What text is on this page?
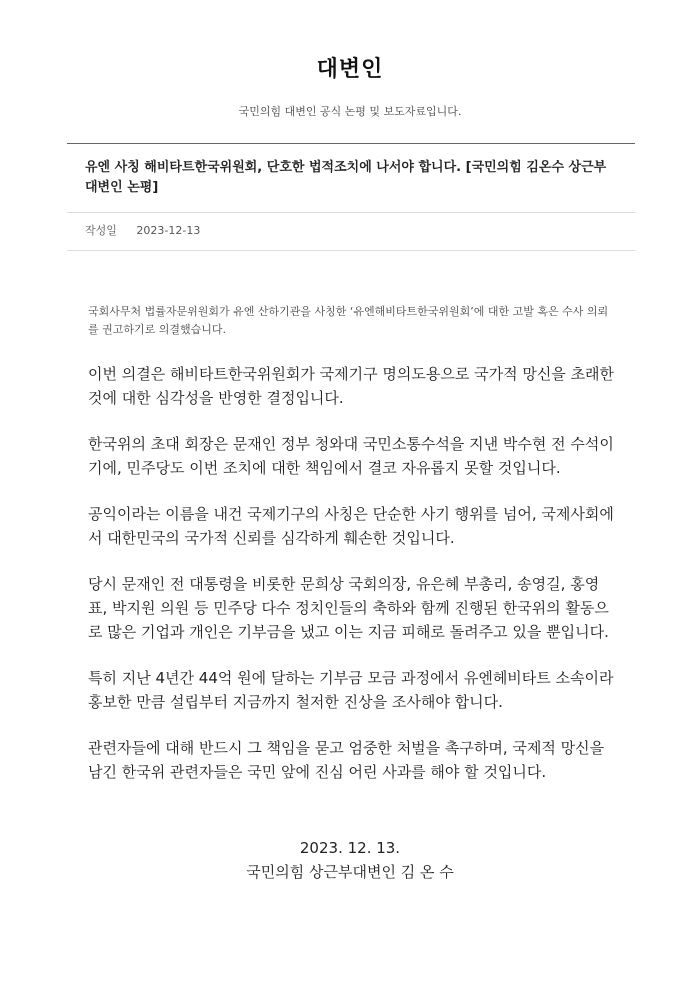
대변인
국민의힘 대변인 공식 논평 및 보도자료입니다.
유엔 사칭 해비타트한국위원회, 단호한 법적조치에 나서야 합니다. [국민의힘 김온수 상근부대변인 논평]
작성일 2023-12-13

국회사무처 법률자문위원회가 유엔 산하기관을 사칭한 ‘유엔해비타트한국위원회’에 대한 고발 혹은 수사 의뢰를 권고하기로 의결했습니다.

이번 의결은 해비타트한국위원회가 국제기구 명의도용으로 국가적 망신을 초래한 것에 대한 심각성을 반영한 결정입니다.

한국위의 초대 회장은 문재인 정부 청와대 국민소통수석을 지낸 박수현 전 수석이기에, 민주당도 이번 조치에 대한 책임에서 결코 자유롭지 못할 것입니다.

공익이라는 이름을 내건 국제기구의 사칭은 단순한 사기 행위를 넘어, 국제사회에서 대한민국의 국가적 신뢰를 심각하게 훼손한 것입니다.

당시 문재인 전 대통령을 비롯한 문희상 국회의장, 유은혜 부총리, 송영길, 홍영표, 박지원 의원 등 민주당 다수 정치인들의 축하와 함께 진행된 한국위의 활동으로 많은 기업과 개인은 기부금을 냈고 이는 지금 피해로 돌려주고 있을 뿐입니다.

특히 지난 4년간 44억 원에 달하는 기부금 모금 과정에서 유엔헤비타트 소속이라 홍보한 만큼 설립부터 지금까지 철저한 진상을 조사해야 합니다.

관련자들에 대해 반드시 그 책임을 묻고 엄중한 처벌을 촉구하며, 국제적 망신을 남긴 한국위 관련자들은 국민 앞에 진심 어린 사과를 해야 할 것입니다.

2023. 12. 13.
국민의힘 상근부대변인 김 온 수
